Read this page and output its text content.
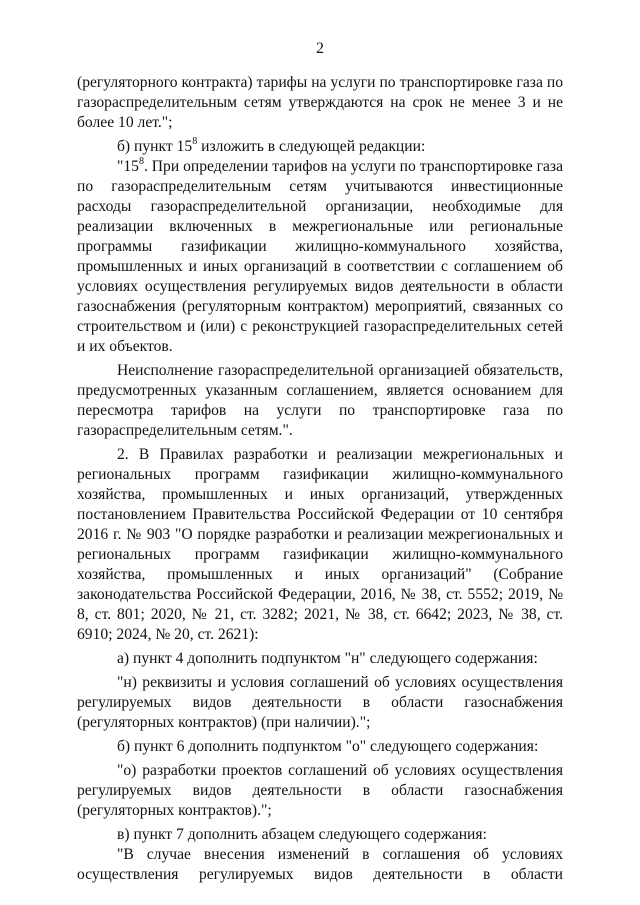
2

(регуляторного контракта) тарифы на услуги по транспортировке газа по газораспределительным сетям утверждаются на срок не менее 3 и не более 10 лет.";

б) пункт $15^8$ изложить в следующей редакции:

"$15^8$. При определении тарифов на услуги по транспортировке газа по газораспределительным сетям учитываются инвестиционные расходы газораспределительной организации, необходимые для реализации включенных в межрегиональные или региональные программы газификации жилищно-коммунального хозяйства, промышленных и иных организаций в соответствии с соглашением об условиях осуществления регулируемых видов деятельности в области газоснабжения (регуляторным контрактом) мероприятий, связанных со строительством и (или) с реконструкцией газораспределительных сетей и их объектов.

Неисполнение газораспределительной организацией обязательств, предусмотренных указанным соглашением, является основанием для пересмотра тарифов на услуги по транспортировке газа по газораспределительным сетям.".

2. В Правилах разработки и реализации межрегиональных и региональных программ газификации жилищно-коммунального хозяйства, промышленных и иных организаций, утвержденных постановлением Правительства Российской Федерации от 10 сентября 2016 г. № 903 "О порядке разработки и реализации межрегиональных и региональных программ газификации жилищно-коммунального хозяйства, промышленных и иных организаций" (Собрание законодательства Российской Федерации, 2016, № 38, ст. 5552; 2019, № 8, ст. 801; 2020, № 21, ст. 3282; 2021, № 38, ст. 6642; 2023, № 38, ст. 6910; 2024, № 20, ст. 2621):

а) пункт 4 дополнить подпунктом "н" следующего содержания:

"н) реквизиты и условия соглашений об условиях осуществления регулируемых видов деятельности в области газоснабжения (регуляторных контрактов) (при наличии).";

б) пункт 6 дополнить подпунктом "о" следующего содержания:

"о) разработки проектов соглашений об условиях осуществления регулируемых видов деятельности в области газоснабжения (регуляторных контрактов).";

в) пункт 7 дополнить абзацем следующего содержания:

"В случае внесения изменений в соглашения об условиях осуществления регулируемых видов деятельности в области
